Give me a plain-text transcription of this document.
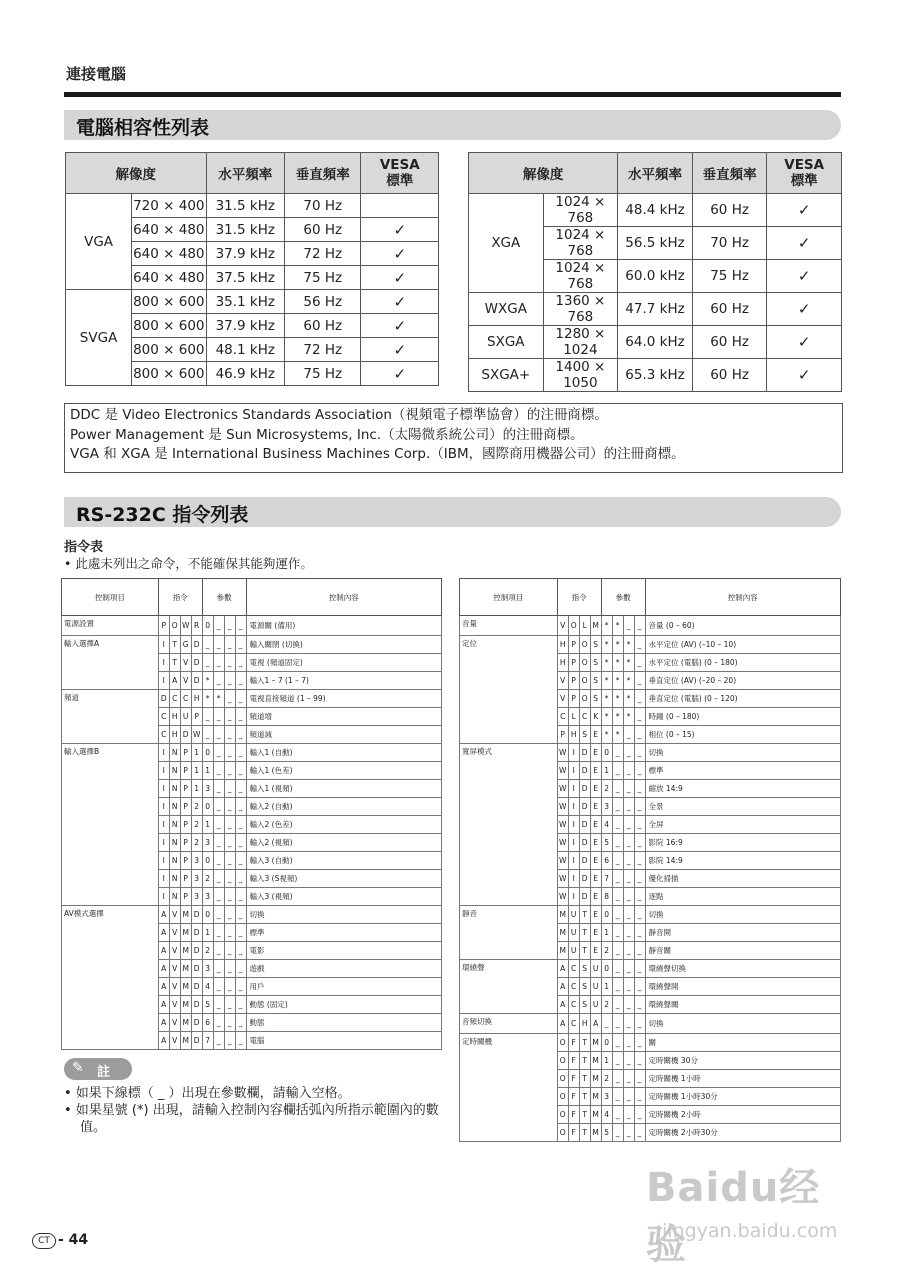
連接電腦
電腦相容性列表
解像度		水平頻率	垂直頻率	VESA
標準
VGA	720 × 400	31.5 kHz	70 Hz	
	640 × 480	31.5 kHz	60 Hz	✓
	640 × 480	37.9 kHz	72 Hz	✓
	640 × 480	37.5 kHz	75 Hz	✓
SVGA	800 × 600	35.1 kHz	56 Hz	✓
	800 × 600	37.9 kHz	60 Hz	✓
	800 × 600	48.1 kHz	72 Hz	✓
	800 × 600	46.9 kHz	75 Hz	✓
解像度		水平頻率	垂直頻率	VESA
標準
XGA	1024 × 768	48.4 kHz	60 Hz	✓
	1024 × 768	56.5 kHz	70 Hz	✓
	1024 × 768	60.0 kHz	75 Hz	✓
WXGA	1360 × 768	47.7 kHz	60 Hz	✓
SXGA	1280 × 1024	64.0 kHz	60 Hz	✓
SXGA+	1400 × 1050	65.3 kHz	60 Hz	✓
DDC 是 Video Electronics Standards Association（視頻電子標準協會）的注冊商標。
Power Management 是 Sun Microsystems, Inc.（太陽微系統公司）的注冊商標。
VGA 和 XGA 是 International Business Machines Corp.（IBM，國際商用機器公司）的注冊商標。
RS-232C 指令列表
指令表
• 此處未列出之命令，不能確保其能夠運作。
控制項目	指令				參數				控制內容
電源設置	P	O	W	R	0	_	_	_	電源關 (備用)
輸入選擇A	I	T	G	D	_	_	_	_	輸入關閉 (切換)
	I	T	V	D	_	_	_	_	電視 (頻道固定)
	I	A	V	D	*	_	_	_	輸入1 – 7 (1 – 7)
頻道	D	C	C	H	*	*	_	_	電視直接頻道 (1 – 99)
	C	H	U	P	_	_	_	_	頻道增
	C	H	D	W	_	_	_	_	頻道減
輸入選擇B	I	N	P	1	0	_	_	_	輸入1 (自動)
	I	N	P	1	1	_	_	_	輸入1 (色差)
	I	N	P	1	3	_	_	_	輸入1 (視頻)
	I	N	P	2	0	_	_	_	輸入2 (自動)
	I	N	P	2	1	_	_	_	輸入2 (色差)
	I	N	P	2	3	_	_	_	輸入2 (視頻)
	I	N	P	3	0	_	_	_	輸入3 (自動)
	I	N	P	3	2	_	_	_	輸入3 (S視頻)
	I	N	P	3	3	_	_	_	輸入3 (視頻)
AV模式選擇	A	V	M	D	0	_	_	_	切換
	A	V	M	D	1	_	_	_	標準
	A	V	M	D	2	_	_	_	電影
	A	V	M	D	3	_	_	_	遊戲
	A	V	M	D	4	_	_	_	用戶
	A	V	M	D	5	_	_	_	動態 (固定)
	A	V	M	D	6	_	_	_	動態
	A	V	M	D	7	_	_	_	電腦
控制項目	指令				參數				控制內容
音量	V	O	L	M	*	*	_	_	音量 (0 – 60)
定位	H	P	O	S	*	*	*	_	水平定位 (AV) (–10 – 10)
	H	P	O	S	*	*	*	_	水平定位 (電腦) (0 – 180)
	V	P	O	S	*	*	*	_	垂直定位 (AV) (–20 – 20)
	V	P	O	S	*	*	*	_	垂直定位 (電腦) (0 – 120)
	C	L	C	K	*	*	*	_	時鐘 (0 – 180)
	P	H	S	E	*	*	_	_	相位 (0 – 15)
寬屏模式	W	I	D	E	0	_	_	_	切換
	W	I	D	E	1	_	_	_	標準
	W	I	D	E	2	_	_	_	縮放 14:9
	W	I	D	E	3	_	_	_	全景
	W	I	D	E	4	_	_	_	全屏
	W	I	D	E	5	_	_	_	影院 16:9
	W	I	D	E	6	_	_	_	影院 14:9
	W	I	D	E	7	_	_	_	優化掃描
	W	I	D	E	8	_	_	_	逐點
靜音	M	U	T	E	0	_	_	_	切換
	M	U	T	E	1	_	_	_	靜音開
	M	U	T	E	2	_	_	_	靜音關
環繞聲	A	C	S	U	0	_	_	_	環繞聲切換
	A	C	S	U	1	_	_	_	環繞聲開
	A	C	S	U	2	_	_	_	環繞聲關
音頻切換	A	C	H	A	_	_	_	_	切換
定時關機	O	F	T	M	0	_	_	_	關
	O	F	T	M	1	_	_	_	定時關機 30分
	O	F	T	M	2	_	_	_	定時關機 1小時
	O	F	T	M	3	_	_	_	定時關機 1小時30分
	O	F	T	M	4	_	_	_	定時關機 2小時
	O	F	T	M	5	_	_	_	定時關機 2小時30分
✎ 註
• 如果下線標（ _ ）出現在參數欄，請輸入空格。
• 如果星號 (*) 出現，請輸入控制內容欄括弧內所指示範圍內的數值。
CT - 44
Baidu经验
jingyan.baidu.com
